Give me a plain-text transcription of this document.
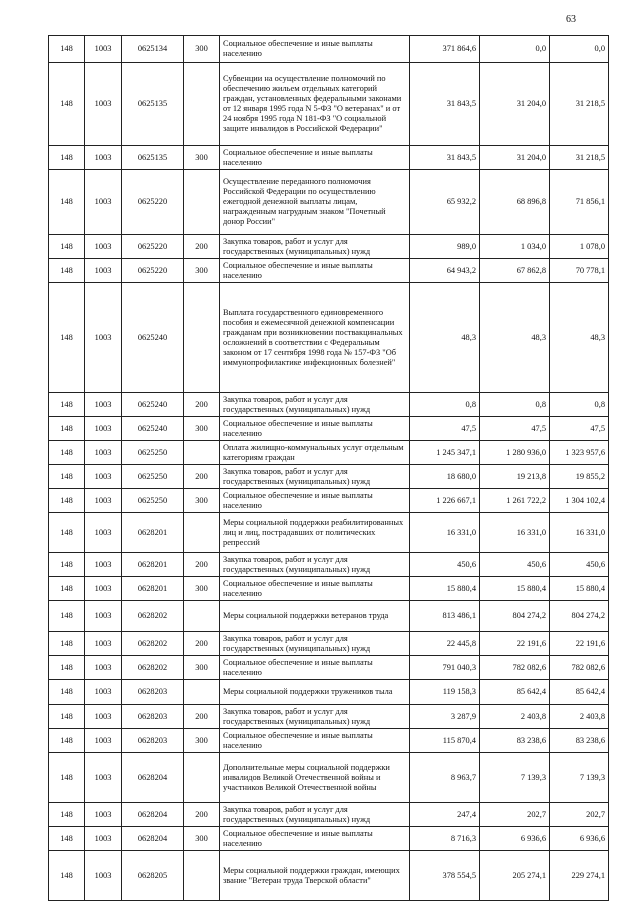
63
148	1003	0625134	300	Социальное обеспечение и иные выплаты населению	371 864,6	0,0	0,0
148	1003	0625135		Субвенции на осуществление полномочий по обеспечению жильем отдельных категорий граждан, установленных федеральными законами от 12 января 1995 года N 5-ФЗ "О ветеранах" и от 24 ноября 1995 года N 181-ФЗ "О социальной защите инвалидов в Российской Федерации"	31 843,5	31 204,0	31 218,5
148	1003	0625135	300	Социальное обеспечение и иные выплаты населению	31 843,5	31 204,0	31 218,5
148	1003	0625220		Осуществление переданного полномочия Российской Федерации по осуществлению ежегодной денежной выплаты лицам, награжденным нагрудным знаком "Почетный донор России"	65 932,2	68 896,8	71 856,1
148	1003	0625220	200	Закупка товаров, работ и услуг для государственных (муниципальных) нужд	989,0	1 034,0	1 078,0
148	1003	0625220	300	Социальное обеспечение и иные выплаты населению	64 943,2	67 862,8	70 778,1
148	1003	0625240		Выплата государственного единовременного пособия и ежемесячной денежной компенсации гражданам при возникновении поствакцинальных осложнений в соответствии с Федеральным законом от 17 сентября 1998 года № 157-ФЗ "Об иммунопрофилактике инфекционных болезней"	48,3	48,3	48,3
148	1003	0625240	200	Закупка товаров, работ и услуг для государственных (муниципальных) нужд	0,8	0,8	0,8
148	1003	0625240	300	Социальное обеспечение и иные выплаты населению	47,5	47,5	47,5
148	1003	0625250		Оплата жилищно-коммунальных услуг отдельным категориям граждан	1 245 347,1	1 280 936,0	1 323 957,6
148	1003	0625250	200	Закупка товаров, работ и услуг для государственных (муниципальных) нужд	18 680,0	19 213,8	19 855,2
148	1003	0625250	300	Социальное обеспечение и иные выплаты населению	1 226 667,1	1 261 722,2	1 304 102,4
148	1003	0628201		Меры социальной поддержки реабилитированных лиц и лиц, пострадавших от политических репрессий	16 331,0	16 331,0	16 331,0
148	1003	0628201	200	Закупка товаров, работ и услуг для государственных (муниципальных) нужд	450,6	450,6	450,6
148	1003	0628201	300	Социальное обеспечение и иные выплаты населению	15 880,4	15 880,4	15 880,4
148	1003	0628202		Меры социальной поддержки ветеранов труда	813 486,1	804 274,2	804 274,2
148	1003	0628202	200	Закупка товаров, работ и услуг для государственных (муниципальных) нужд	22 445,8	22 191,6	22 191,6
148	1003	0628202	300	Социальное обеспечение и иные выплаты населению	791 040,3	782 082,6	782 082,6
148	1003	0628203		Меры социальной поддержки тружеников тыла	119 158,3	85 642,4	85 642,4
148	1003	0628203	200	Закупка товаров, работ и услуг для государственных (муниципальных) нужд	3 287,9	2 403,8	2 403,8
148	1003	0628203	300	Социальное обеспечение и иные выплаты населению	115 870,4	83 238,6	83 238,6
148	1003	0628204		Дополнительные меры социальной поддержки инвалидов Великой Отечественной войны и участников Великой Отечественной войны	8 963,7	7 139,3	7 139,3
148	1003	0628204	200	Закупка товаров, работ и услуг для государственных (муниципальных) нужд	247,4	202,7	202,7
148	1003	0628204	300	Социальное обеспечение и иные выплаты населению	8 716,3	6 936,6	6 936,6
148	1003	0628205		Меры социальной поддержки граждан, имеющих звание "Ветеран труда Тверской области"	378 554,5	205 274,1	229 274,1
